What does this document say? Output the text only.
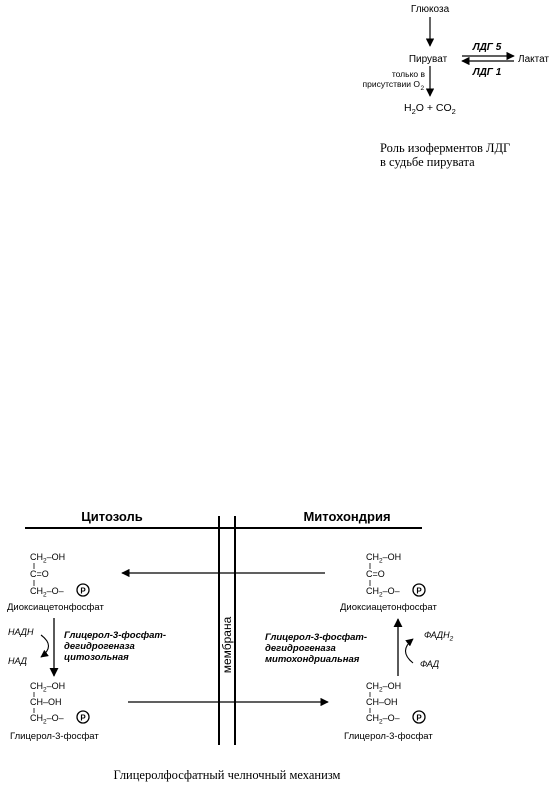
Глюкоза
Пируват
ЛДГ 5
ЛДГ 1
Лактат
только в
присутствии O 2
$H_2O + CO_2$
Роль изоферментов ЛДГ
в судьбе пирувата
Цитозоль	Митохондрия
мембрана
$CH_2-OH$
C=O
$CH_2-O-$ P
Диоксиацетонфосфат
$CH_2-OH$
CH–OH
$CH_2-O-$ P
Глицерол-3-фосфат
$CH_2-OH$
C=O
$CH_2-O-$ P
Диоксиацетонфосфат
$CH_2-OH$
CH–OH
$CH_2-O-$ P
Глицерол-3-фосфат
НАДН
НАД
Глицерол-3-фосфат-
дегидрогеназа
цитозольная
$ФАДН_2$
ФАД
Глицерол-3-фосфат-
дегидрогеназа
митохондриальная
Глицеролфосфатный челночный механизм
